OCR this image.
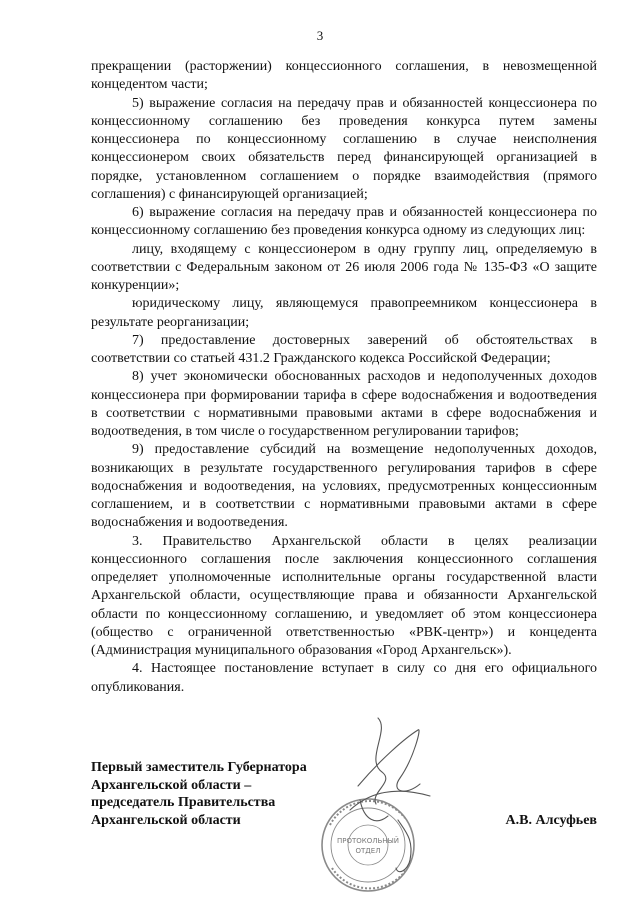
3

прекращении (расторжении) концессионного соглашения, в невозмещенной концедентом части;

5) выражение согласия на передачу прав и обязанностей концессионера по концессионному соглашению без проведения конкурса путем замены концессионера по концессионному соглашению в случае неисполнения концессионером своих обязательств перед финансирующей организацией в порядке, установленном соглашением о порядке взаимодействия (прямого соглашения) с финансирующей организацией;

6) выражение согласия на передачу прав и обязанностей концессионера по концессионному соглашению без проведения конкурса одному из следующих лиц:

лицу, входящему с концессионером в одну группу лиц, определяемую в соответствии с Федеральным законом от 26 июля 2006 года № 135-ФЗ «О защите конкуренции»;

юридическому лицу, являющемуся правопреемником концессионера в результате реорганизации;

7) предоставление достоверных заверений об обстоятельствах в соответствии со статьей 431.2 Гражданского кодекса Российской Федерации;

8) учет экономически обоснованных расходов и недополученных доходов концессионера при формировании тарифа в сфере водоснабжения и водоотведения в соответствии с нормативными правовыми актами в сфере водоснабжения и водоотведения, в том числе о государственном регулировании тарифов;

9) предоставление субсидий на возмещение недополученных доходов, возникающих в результате государственного регулирования тарифов в сфере водоснабжения и водоотведения, на условиях, предусмотренных концессионным соглашением, и в соответствии с нормативными правовыми актами в сфере водоснабжения и водоотведения.

3. Правительство Архангельской области в целях реализации концессионного соглашения после заключения концессионного соглашения определяет уполномоченные исполнительные органы государственной власти Архангельской области, осуществляющие права и обязанности Архангельской области по концессионному соглашению, и уведомляет об этом концессионера (общество с ограниченной ответственностью «РВК-центр») и концедента (Администрация муниципального образования «Город Архангельск»).

4. Настоящее постановление вступает в силу со дня его официального опубликования.

ПРОТОКОЛЬНЫЙ
ОТДЕЛ
Первый заместитель Губернатора
Архангельской области –
председатель Правительства
Архангельской области	А.В. Алсуфьев
